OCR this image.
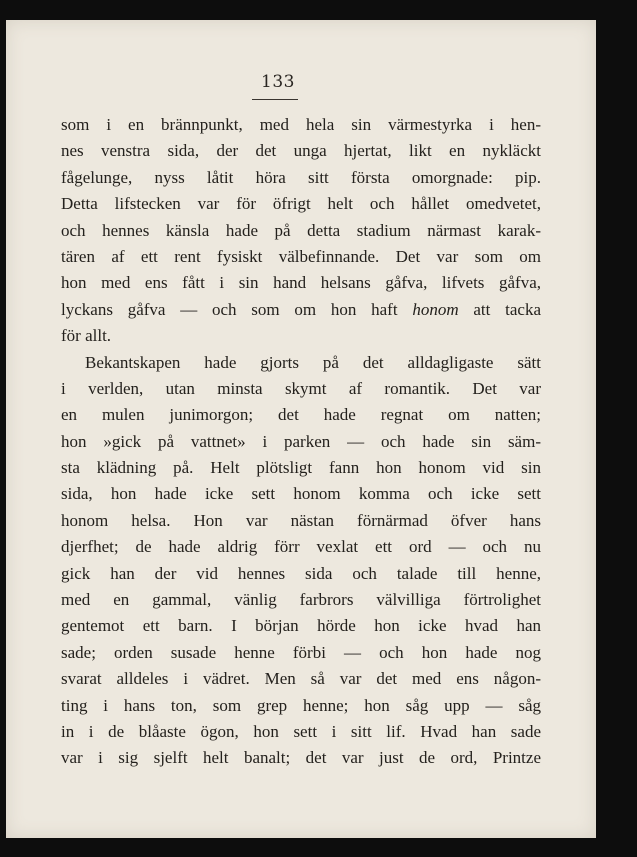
133
som i en brännpunkt, med hela sin värmestyrka i hen-
nes venstra sida, der det unga hjertat, likt en nykläckt
fågelunge, nyss låtit höra sitt första omorgnade: pip.
Detta lifstecken var för öfrigt helt och hållet omedvetet,
och hennes känsla hade på detta stadium närmast karak-
tären af ett rent fysiskt välbefinnande. Det var som om
hon med ens fått i sin hand helsans gåfva, lifvets gåfva,
lyckans gåfva — och som om hon haft honom att tacka
för allt.
Bekantskapen hade gjorts på det alldagligaste sätt
i verlden, utan minsta skymt af romantik. Det var
en mulen junimorgon; det hade regnat om natten;
hon »gick på vattnet» i parken — och hade sin säm-
sta klädning på. Helt plötsligt fann hon honom vid sin
sida, hon hade icke sett honom komma och icke sett
honom helsa. Hon var nästan förnärmad öfver hans
djerfhet; de hade aldrig förr vexlat ett ord — och nu
gick han der vid hennes sida och talade till henne,
med en gammal, vänlig farbrors välvilliga förtrolighet
gentemot ett barn. I början hörde hon icke hvad han
sade; orden susade henne förbi — och hon hade nog
svarat alldeles i vädret. Men så var det med ens någon-
ting i hans ton, som grep henne; hon såg upp — såg
in i de blåaste ögon, hon sett i sitt lif. Hvad han sade
var i sig sjelft helt banalt; det var just de ord, Printze
